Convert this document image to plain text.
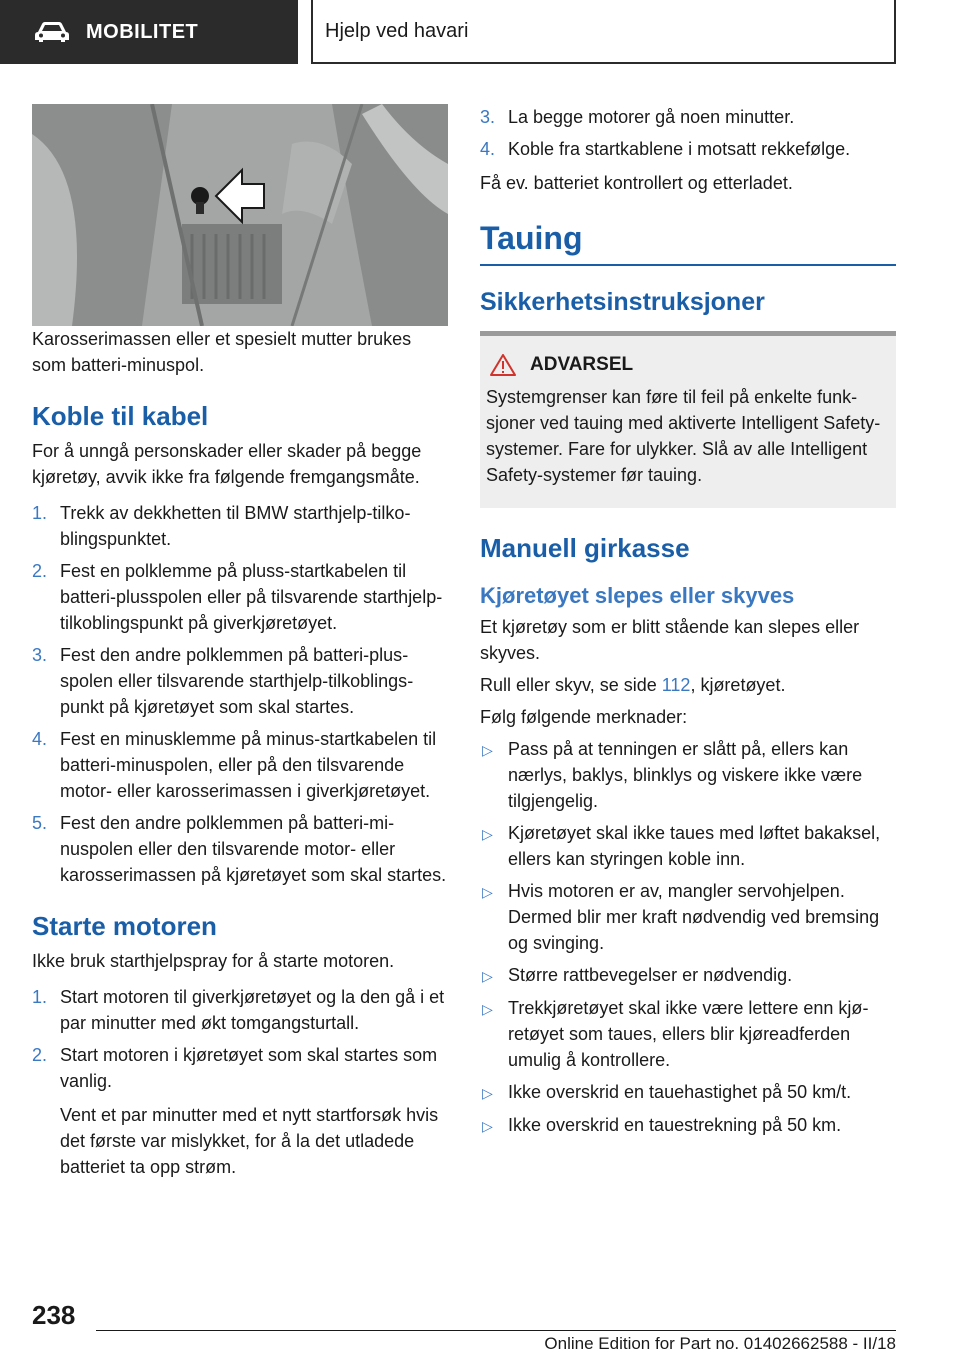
MOBILITET	Hjelp ved havari

Karosserimassen eller et spesielt mutter brukes som batteri-minuspol.

Koble til kabel

For å unngå personskader eller skader på begge kjøretøy, avvik ikke fra følgende fremgangsmåte.

1. Trekk av dekkhetten til BMW starthjelp-tilkoblingspunktet.
2. Fest en polklemme på pluss-startkabelen til batteri-plusspolen eller på tilsvarende starthjelp-tilkoblingspunkt på giverkjøretøyet.
3. Fest den andre polklemmen på batteri-plusspolen eller tilsvarende starthjelp-tilkoblingspunkt på kjøretøyet som skal startes.
4. Fest en minusklemme på minus-startkabelen til batteri-minuspolen, eller på den tilsvarende motor- eller karosserimassen i giverkjøretøyet.
5. Fest den andre polklemmen på batteri-minuspolen eller den tilsvarende motor- eller karosserimassen på kjøretøyet som skal startes.
Starte motoren

Ikke bruk starthjelpspray for å starte motoren.

1. Start motoren til giverkjøretøyet og la den gå i et par minutter med økt tomgangsturtall.
2. Start motoren i kjøretøyet som skal startes som vanlig.

Vent et par minutter med et nytt startforsøk hvis det første var mislykket, for å la det utladede batteriet ta opp strøm.

3. La begge motorer gå noen minutter.
4. Koble fra startkablene i motsatt rekkefølge.

Få ev. batteriet kontrollert og etterladet.

Tauing
Sikkerhetsinstruksjoner
ADVARSEL

Systemgrenser kan føre til feil på enkelte funksjoner ved tauing med aktiverte Intelligent Safety-systemer. Fare for ulykker. Slå av alle Intelligent Safety-systemer før tauing.

Manuell girkasse
Kjøretøyet slepes eller skyves

Et kjøretøy som er blitt stående kan slepes eller skyves.

Rull eller skyv, se side 112, kjøretøyet.

Følg følgende merknader:

▷ Pass på at tenningen er slått på, ellers kan nærlys, baklys, blinklys og viskere ikke være tilgjengelig.
▷ Kjøretøyet skal ikke taues med løftet bakaksel, ellers kan styringen koble inn.
▷ Hvis motoren er av, mangler servohjelpen. Dermed blir mer kraft nødvendig ved bremsing og svinging.
▷ Større rattbevegelser er nødvendig.
▷ Trekkjøretøyet skal ikke være lettere enn kjøretøyet som taues, ellers blir kjøreadferden umulig å kontrollere.
▷ Ikke overskrid en tauehastighet på 50 km/t.
▷ Ikke overskrid en tauestrekning på 50 km.
238
Online Edition for Part no. 01402662588 - II/18
